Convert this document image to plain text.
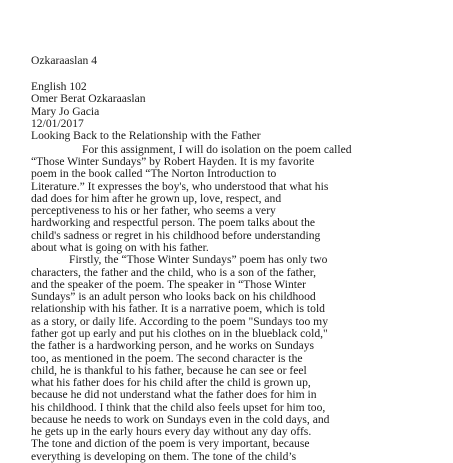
Ozkaraaslan 4
English 102
Omer Berat Ozkaraaslan
Mary Jo Gacia
12/01/2017
Looking Back to the Relationship with the Father
For this assignment, I will do isolation on the poem called
“Those Winter Sundays” by Robert Hayden. It is my favorite
poem in the book called “The Norton Introduction to
Literature.” It expresses the boy's, who understood that what his
dad does for him after he grown up, love, respect, and
perceptiveness to his or her father, who seems a very
hardworking and respectful person. The poem talks about the
child's sadness or regret in his childhood before understanding
about what is going on with his father.
Firstly, the “Those Winter Sundays” poem has only two
characters, the father and the child, who is a son of the father,
and the speaker of the poem. The speaker in “Those Winter
Sundays” is an adult person who looks back on his childhood
relationship with his father. It is a narrative poem, which is told
as a story, or daily life. According to the poem "Sundays too my
father got up early and put his clothes on in the blueblack cold,"
the father is a hardworking person, and he works on Sundays
too, as mentioned in the poem. The second character is the
child, he is thankful to his father, because he can see or feel
what his father does for his child after the child is grown up,
because he did not understand what the father does for him in
his childhood. I think that the child also feels upset for him too,
because he needs to work on Sundays even in the cold days, and
he gets up in the early hours every day without any day offs.
The tone and diction of the poem is very important, because
everything is developing on them. The tone of the child’s
